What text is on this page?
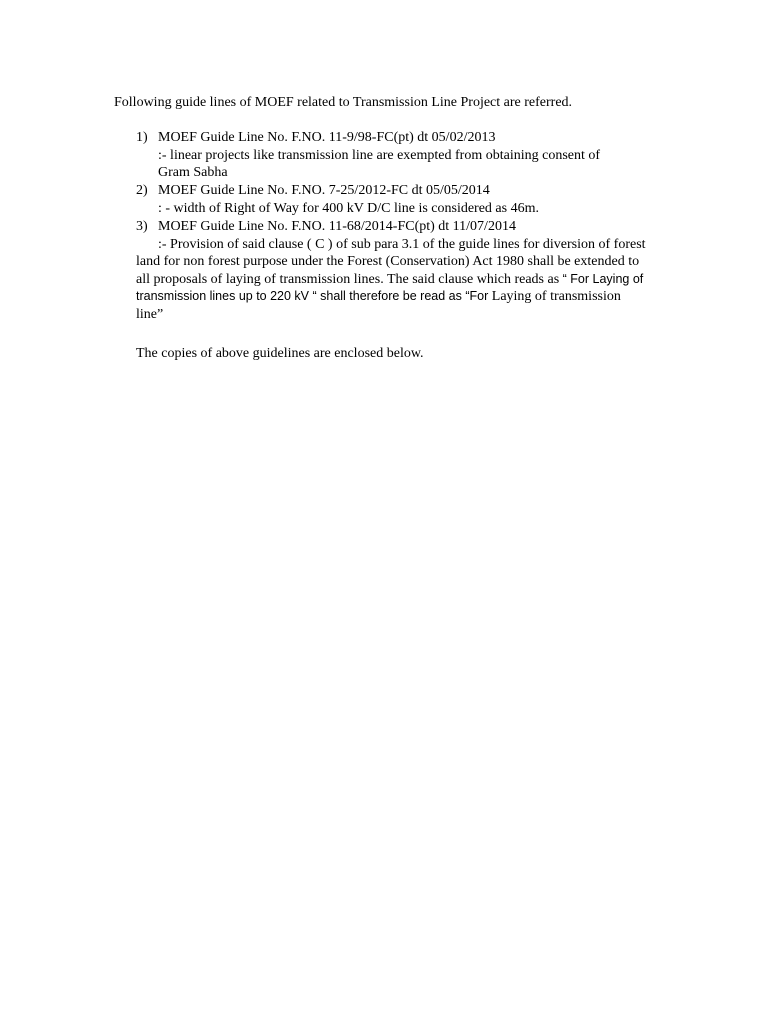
Following guide lines of MOEF related to Transmission Line Project are referred.
1) MOEF Guide Line No. F.NO. 11-9/98-FC(pt) dt 05/02/2013
:- linear projects like transmission line are exempted from obtaining consent of
Gram Sabha
2) MOEF Guide Line No. F.NO. 7-25/2012-FC dt 05/05/2014
: - width of Right of Way for 400 kV D/C line is considered as 46m.
3) MOEF Guide Line No. F.NO. 11-68/2014-FC(pt) dt 11/07/2014
:- Provision of said clause ( C ) of sub para 3.1 of the guide lines for diversion of forest land for non forest purpose under the Forest (Conservation) Act 1980 shall be extended to all proposals of laying of transmission lines. The said clause which reads as “ For Laying of transmission lines up to 220 kV “ shall therefore be read as “For Laying of transmission line”
The copies of above guidelines are enclosed below.
